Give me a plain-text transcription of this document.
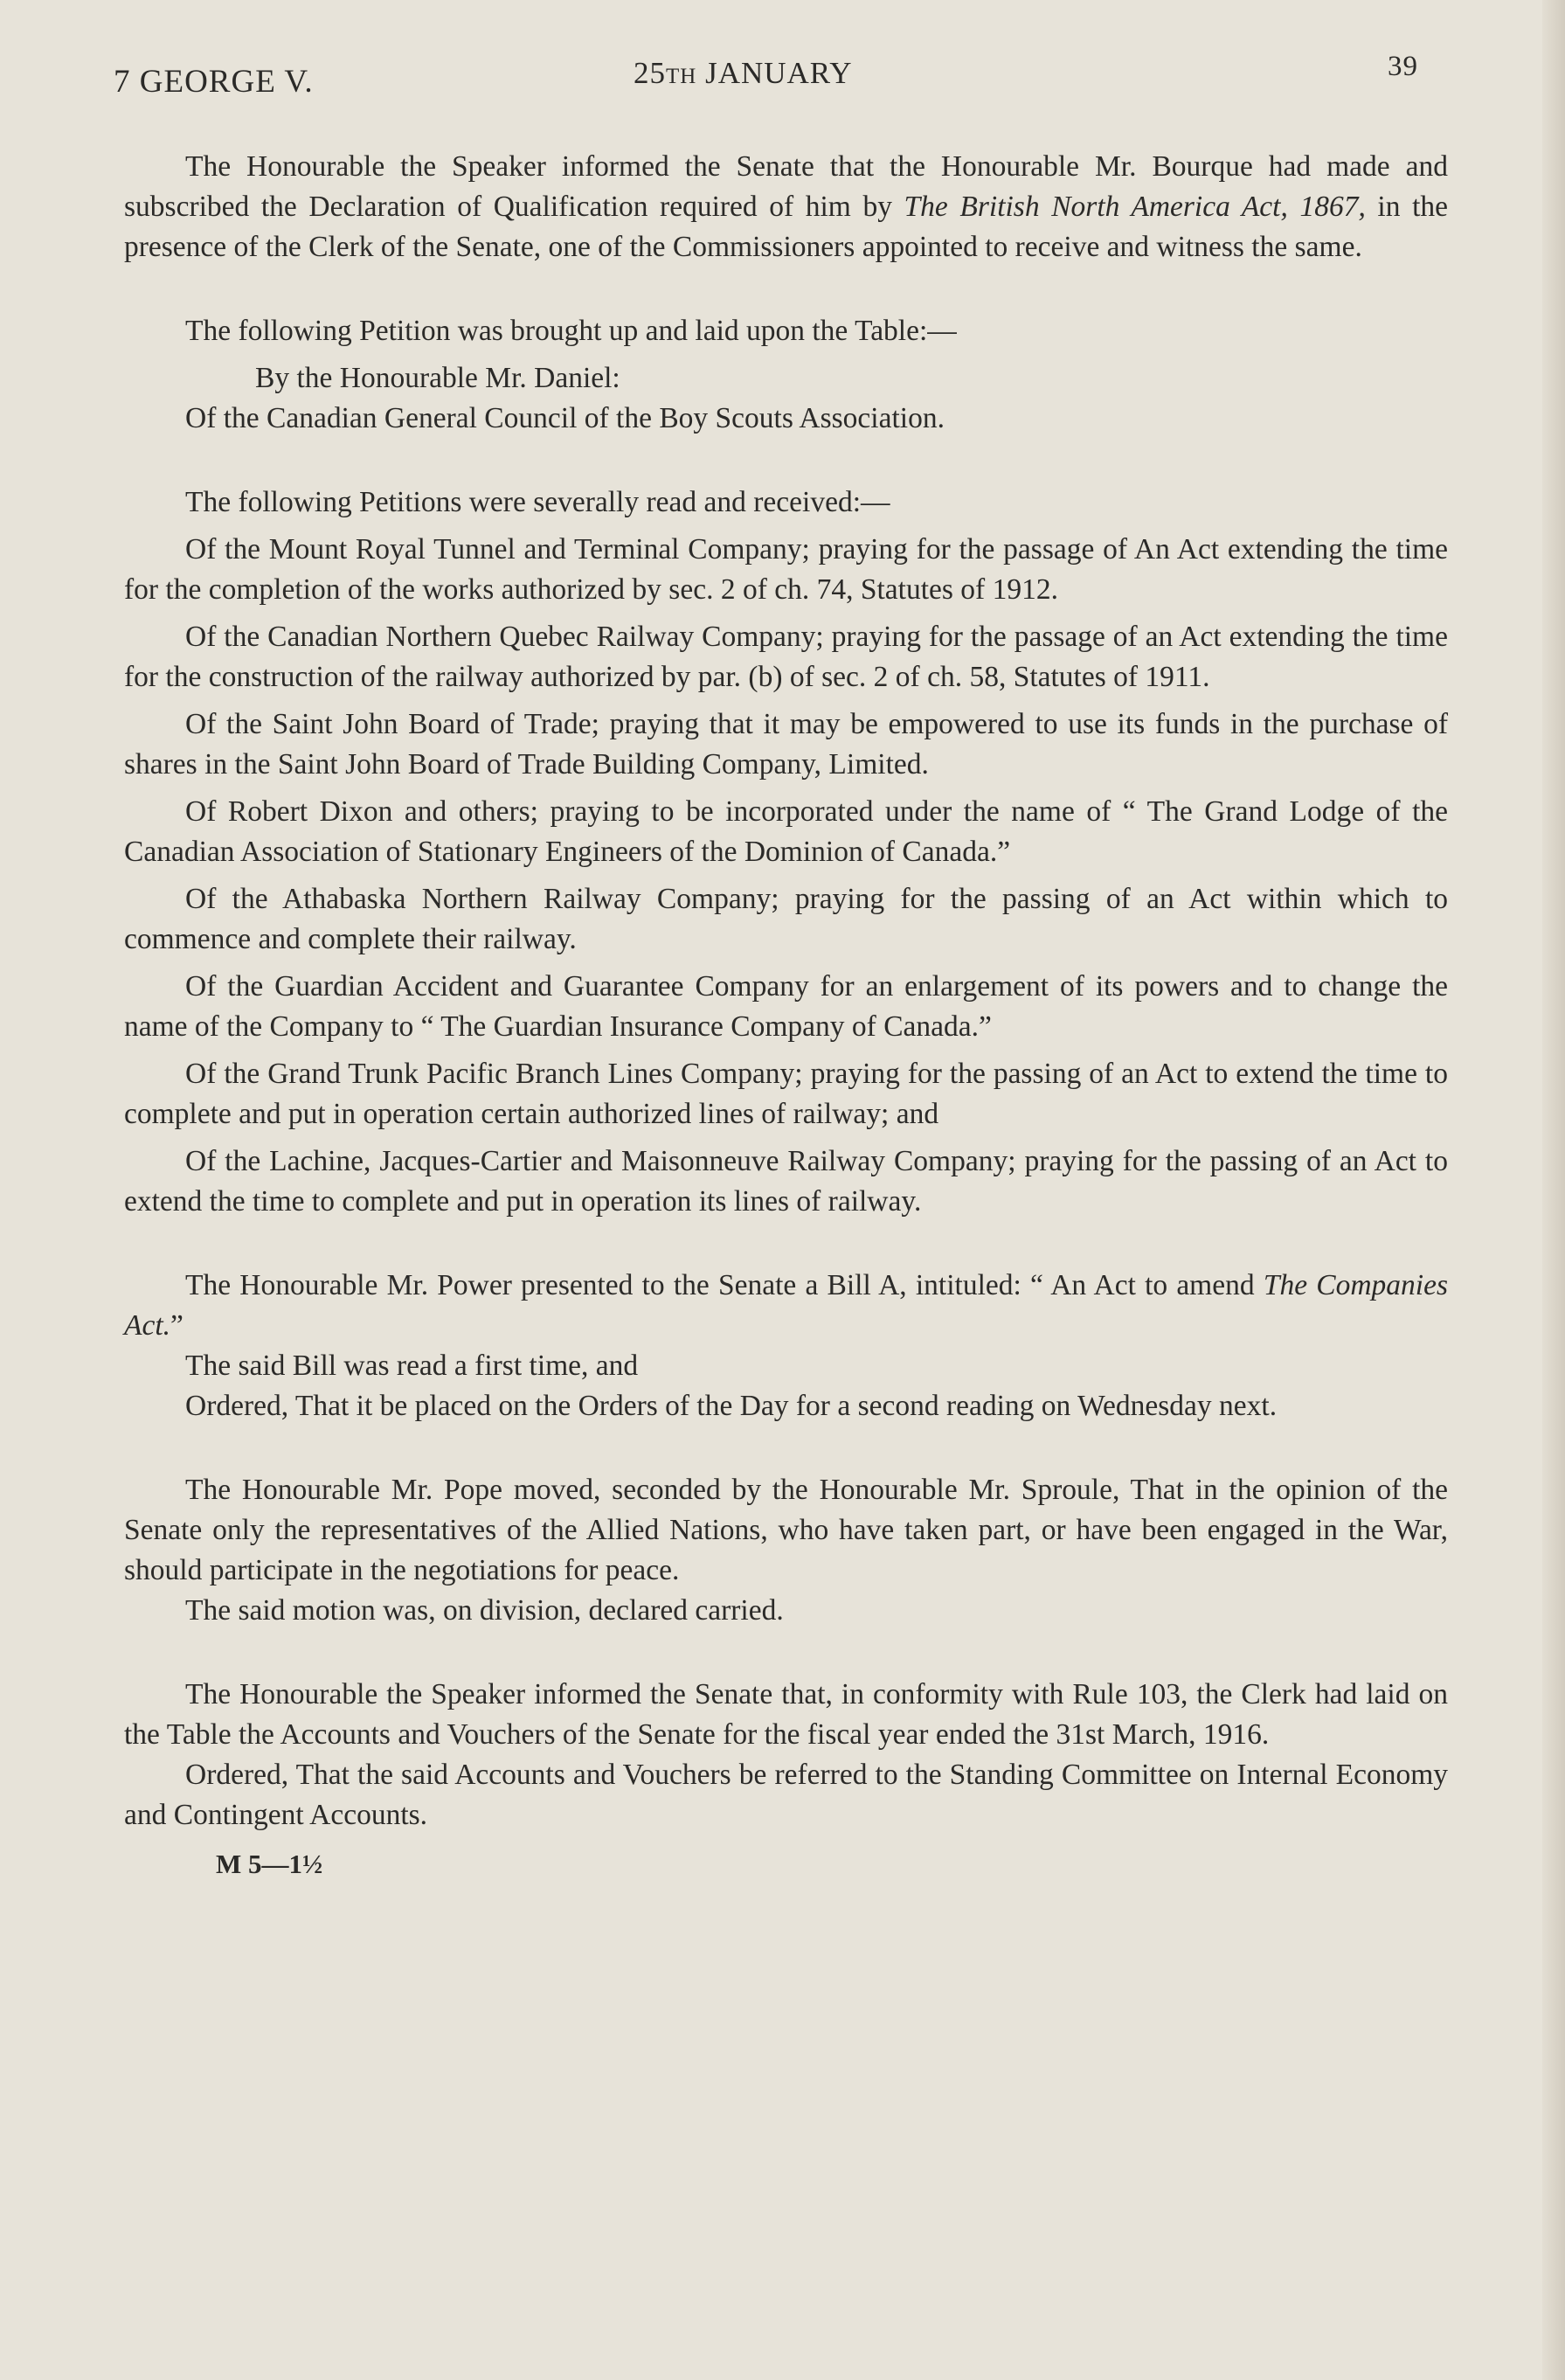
7 GEORGE V.	25TH JANUARY	39

The Honourable the Speaker informed the Senate that the Honourable Mr. Bourque had made and subscribed the Declaration of Qualification required of him by The British North America Act, 1867, in the presence of the Clerk of the Senate, one of the Commissioners appointed to receive and witness the same.

The following Petition was brought up and laid upon the Table:—

By the Honourable Mr. Daniel:

Of the Canadian General Council of the Boy Scouts Association.

The following Petitions were severally read and received:—

Of the Mount Royal Tunnel and Terminal Company; praying for the passage of An Act extending the time for the completion of the works authorized by sec. 2 of ch. 74, Statutes of 1912.

Of the Canadian Northern Quebec Railway Company; praying for the passage of an Act extending the time for the construction of the railway authorized by par. (b) of sec. 2 of ch. 58, Statutes of 1911.

Of the Saint John Board of Trade; praying that it may be empowered to use its funds in the purchase of shares in the Saint John Board of Trade Building Company, Limited.

Of Robert Dixon and others; praying to be incorporated under the name of “ The Grand Lodge of the Canadian Association of Stationary Engineers of the Dominion of Canada.”

Of the Athabaska Northern Railway Company; praying for the passing of an Act within which to commence and complete their railway.

Of the Guardian Accident and Guarantee Company for an enlargement of its powers and to change the name of the Company to “ The Guardian Insurance Company of Canada.”

Of the Grand Trunk Pacific Branch Lines Company; praying for the passing of an Act to extend the time to complete and put in operation certain authorized lines of railway; and

Of the Lachine, Jacques-Cartier and Maisonneuve Railway Company; praying for the passing of an Act to extend the time to complete and put in operation its lines of railway.

The Honourable Mr. Power presented to the Senate a Bill A, intituled: “ An Act to amend The Companies Act.”

The said Bill was read a first time, and

Ordered, That it be placed on the Orders of the Day for a second reading on Wednesday next.

The Honourable Mr. Pope moved, seconded by the Honourable Mr. Sproule, That in the opinion of the Senate only the representatives of the Allied Nations, who have taken part, or have been engaged in the War, should participate in the negotiations for peace.

The said motion was, on division, declared carried.

The Honourable the Speaker informed the Senate that, in conformity with Rule 103, the Clerk had laid on the Table the Accounts and Vouchers of the Senate for the fiscal year ended the 31st March, 1916.

Ordered, That the said Accounts and Vouchers be referred to the Standing Committee on Internal Economy and Contingent Accounts.

M 5—1½
